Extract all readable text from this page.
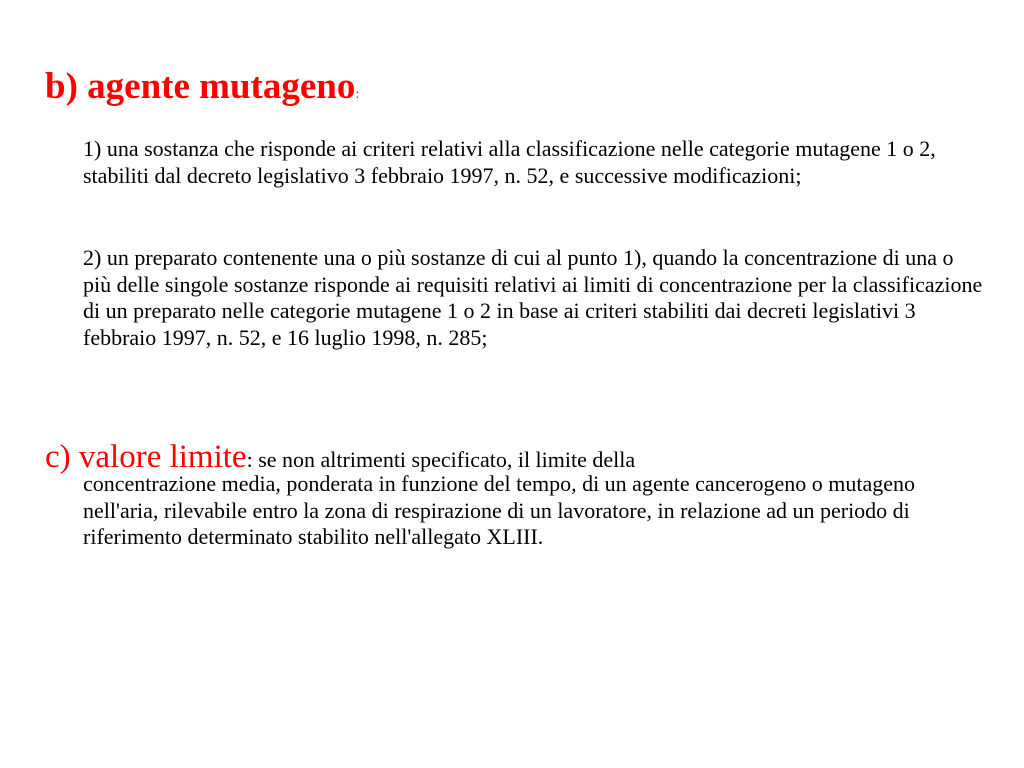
b) agente mutageno:
1) una sostanza che risponde ai criteri relativi alla classificazione nelle categorie mutagene 1 o 2, stabiliti dal decreto legislativo 3 febbraio 1997, n. 52, e successive modificazioni;
2) un preparato contenente una o più sostanze di cui al punto 1), quando la concentrazione di una o più delle singole sostanze risponde ai requisiti relativi ai limiti di concentrazione per la classificazione di un preparato nelle categorie mutagene 1 o 2 in base ai criteri stabiliti dai decreti legislativi 3 febbraio 1997, n. 52, e 16 luglio 1998, n. 285;
c) valore limite: se non altrimenti specificato, il limite della
concentrazione media, ponderata in funzione del tempo, di un agente cancerogeno o mutageno nell'aria, rilevabile entro la zona di respirazione di un lavoratore, in relazione ad un periodo di riferimento determinato stabilito nell'allegato XLIII.
